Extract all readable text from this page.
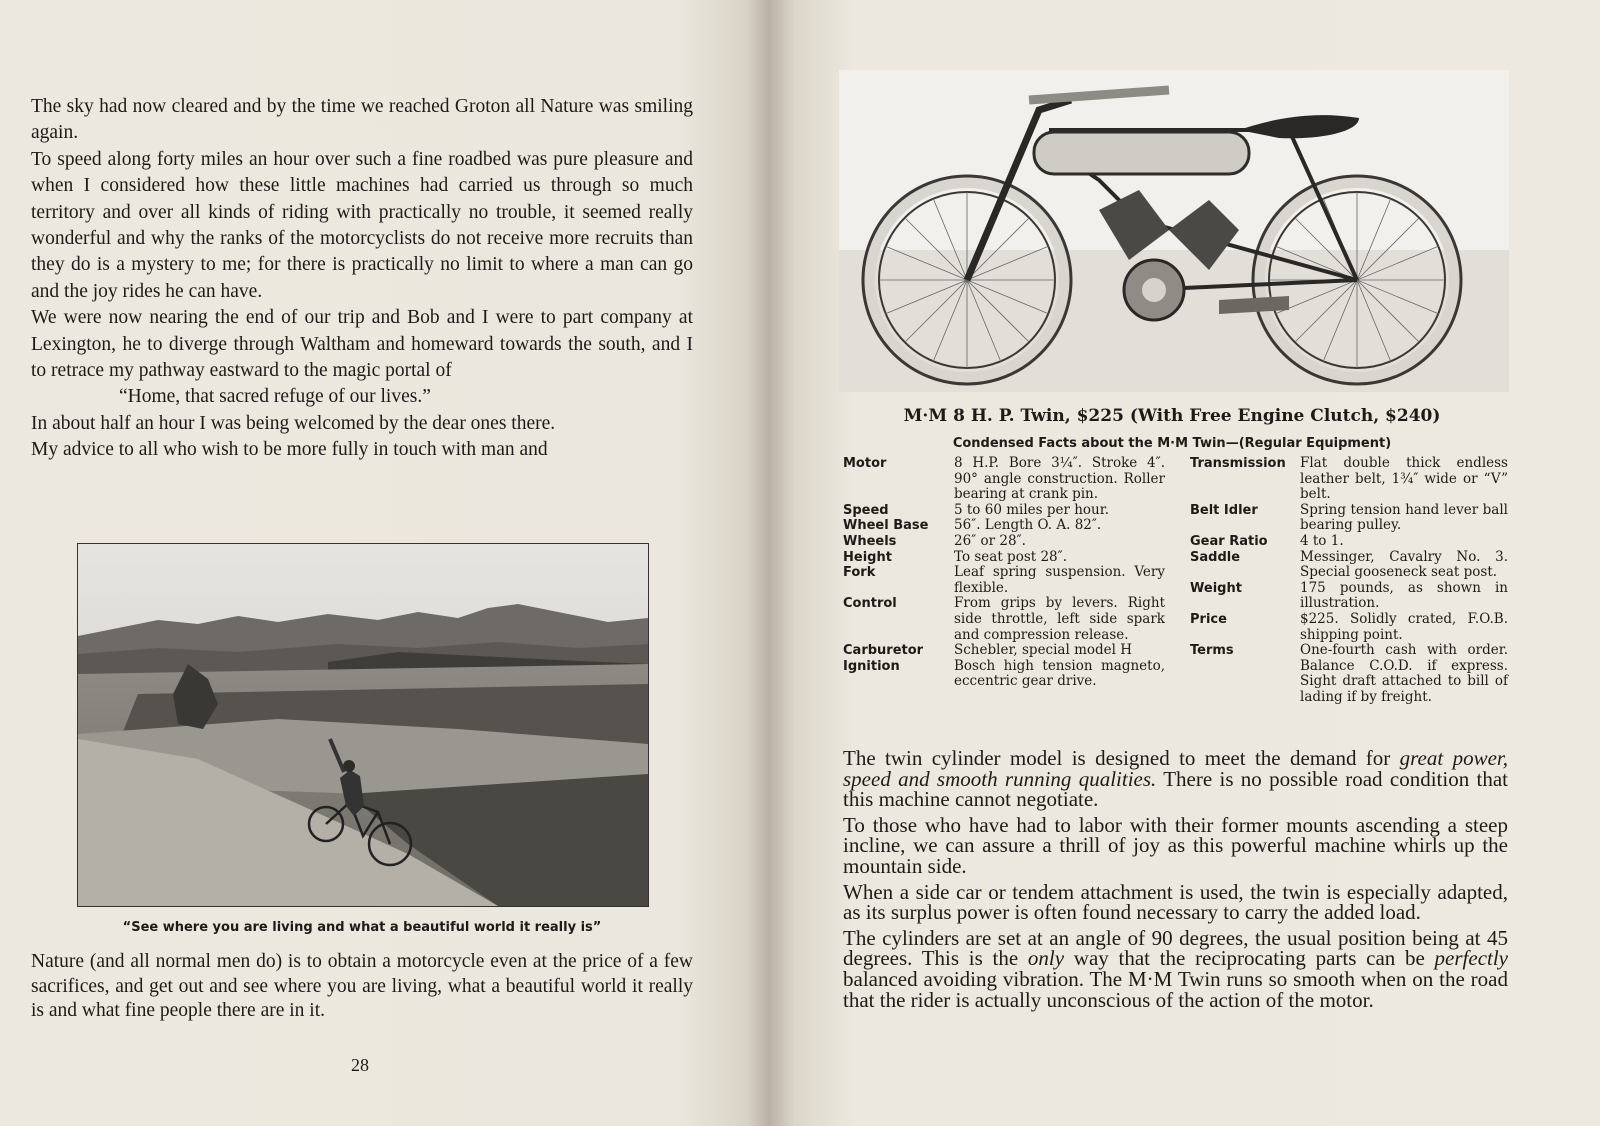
The sky had now cleared and by the time we reached Groton all Nature was smiling again.

To speed along forty miles an hour over such a fine roadbed was pure pleasure and when I considered how these little machines had carried us through so much territory and over all kinds of riding with practically no trouble, it seemed really wonderful and why the ranks of the motorcyclists do not receive more recruits than they do is a mystery to me; for there is practically no limit to where a man can go and the joy rides he can have.

We were now nearing the end of our trip and Bob and I were to part company at Lexington, he to diverge through Waltham and homeward towards the south, and I to retrace my pathway eastward to the magic portal of

“Home, that sacred refuge of our lives.”

In about half an hour I was being welcomed by the dear ones there.

My advice to all who wish to be more fully in touch with man and

“See where you are living and what a beautiful world it really is”

Nature (and all normal men do) is to obtain a motorcycle even at the price of a few sacrifices, and get out and see where you are living, what a beautiful world it really is and what fine people there are in it.

28
M·M 8 H. P. Twin, $225 (With Free Engine Clutch, $240)
Condensed Facts about the M·M Twin—(Regular Equipment)
Motor	8 H.P. Bore 3¼″. Stroke 4″. 90° angle construction. Roller bearing at crank pin.
Speed	5 to 60 miles per hour.
Wheel Base	56″. Length O. A. 82″.
Wheels	26″ or 28″.
Height	To seat post 28″.
Fork	Leaf spring suspension. Very flexible.
Control	From grips by levers. Right side throttle, left side spark and compression release.
Carburetor	Schebler, special model H
Ignition	Bosch high tension magneto, eccentric gear drive.
Transmission	Flat double thick endless leather belt, 1¾″ wide or “V” belt.
Belt Idler	Spring tension hand lever ball bearing pulley.
Gear Ratio	4 to 1.
Saddle	Messinger, Cavalry No. 3. Special gooseneck seat post.
Weight	175 pounds, as shown in illustration.
Price	$225. Solidly crated, F.O.B. shipping point.
Terms	One-fourth cash with order. Balance C.O.D. if express. Sight draft attached to bill of lading if by freight.

The twin cylinder model is designed to meet the demand for great power, speed and smooth running qualities. There is no possible road condition that this machine cannot negotiate.

To those who have had to labor with their former mounts ascending a steep incline, we can assure a thrill of joy as this powerful machine whirls up the mountain side.

When a side car or tendem attachment is used, the twin is especially adapted, as its surplus power is often found necessary to carry the added load.

The cylinders are set at an angle of 90 degrees, the usual position being at 45 degrees. This is the only way that the reciprocating parts can be perfectly balanced avoiding vibration. The M·M Twin runs so smooth when on the road that the rider is actually unconscious of the action of the motor.
